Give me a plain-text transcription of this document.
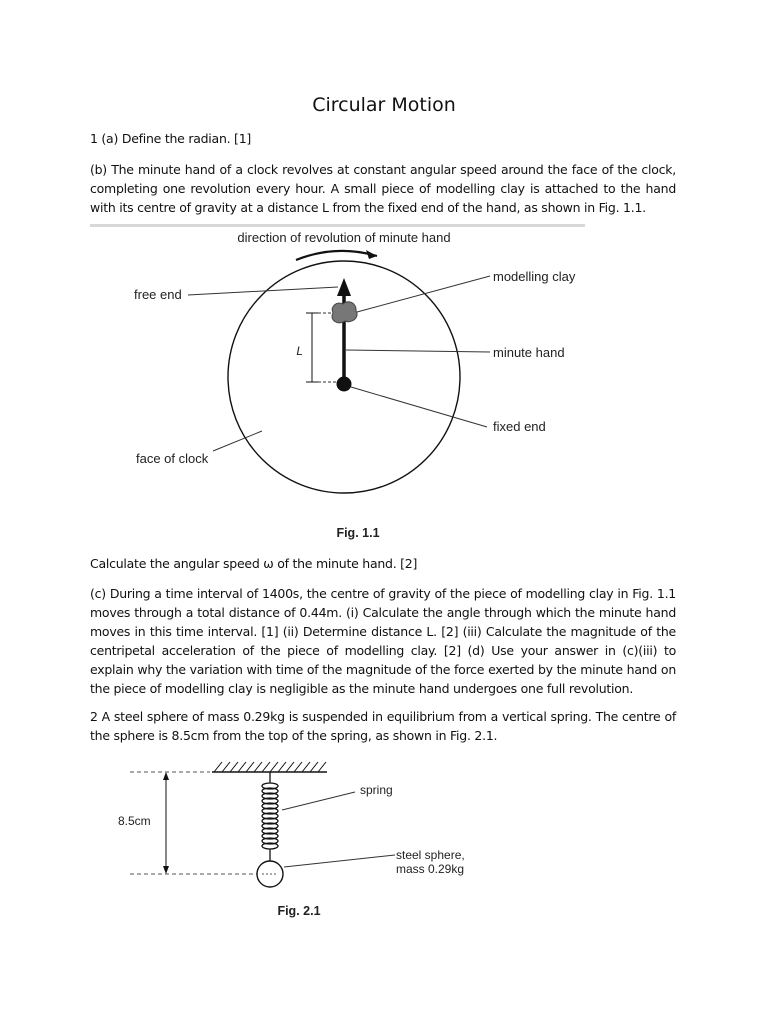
Circular Motion
1 (a) Define the radian. [1]
(b) The minute hand of a clock revolves at constant angular speed around the face of the clock, completing one revolution every hour. A small piece of modelling clay is attached to the hand with its centre of gravity at a distance L from the fixed end of the hand, as shown in Fig. 1.1.
direction of revolution of minute hand
L
free end
modelling clay
minute hand
fixed end
face of clock
Fig. 1.1
Calculate the angular speed ω of the minute hand. [2]
(c) During a time interval of 1400s, the centre of gravity of the piece of modelling clay in Fig. 1.1 moves through a total distance of 0.44m. (i) Calculate the angle through which the minute hand moves in this time interval. [1] (ii) Determine distance L. [2] (iii) Calculate the magnitude of the centripetal acceleration of the piece of modelling clay. [2] (d) Use your answer in (c)(iii) to explain why the variation with time of the magnitude of the force exerted by the minute hand on the piece of modelling clay is negligible as the minute hand undergoes one full revolution.
2 A steel sphere of mass 0.29kg is suspended in equilibrium from a vertical spring. The centre of the sphere is 8.5cm from the top of the spring, as shown in Fig. 2.1.
8.5cm
spring
steel sphere,
mass 0.29kg
Fig. 2.1
